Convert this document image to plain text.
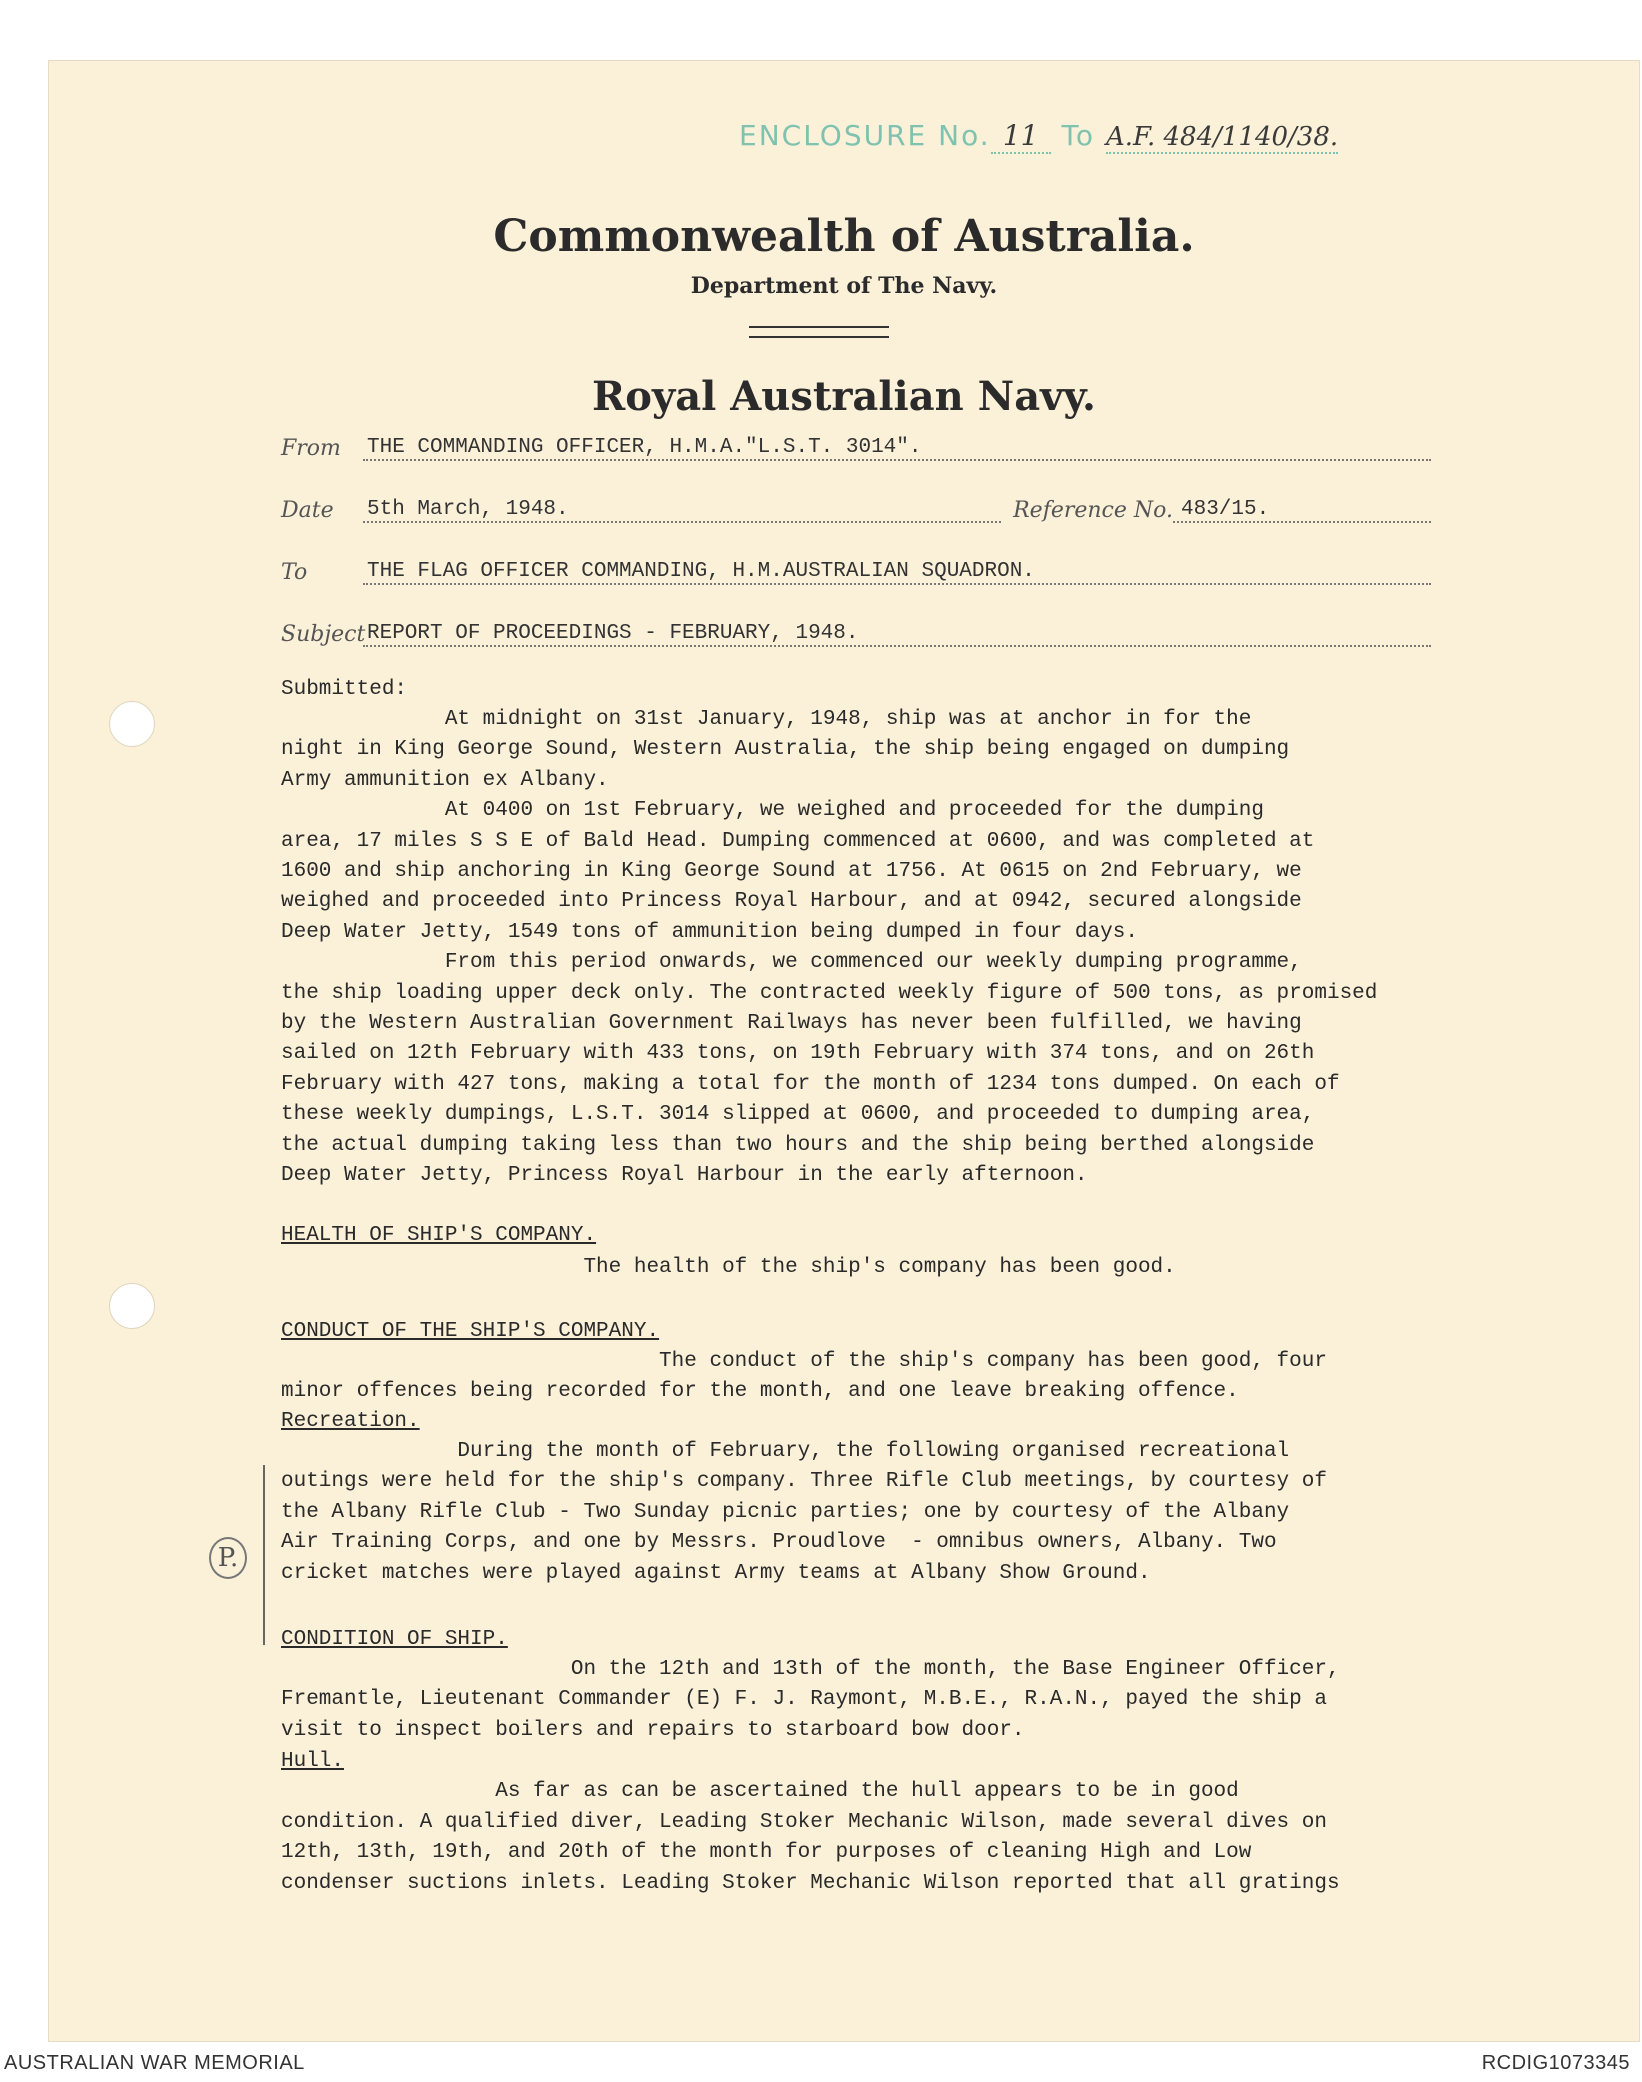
ENCLOSURE No. 11 To A.F. 484/1140/38.
Commonwealth of Australia.
Department of The Navy.
Royal Australian Navy.
From	THE COMMANDING OFFICER, H.M.A."L.S.T. 3014".
Date	5th March, 1948.	Reference No. 483/15.
To	THE FLAG OFFICER COMMANDING, H.M.AUSTRALIAN SQUADRON.
Subject REPORT OF PROCEEDINGS - FEBRUARY, 1948.
Submitted:
At midnight on 31st January, 1948, ship was at anchor in for the
night in King George Sound, Western Australia, the ship being engaged on dumping
Army ammunition ex Albany.
At 0400 on 1st February, we weighed and proceeded for the dumping
area, 17 miles S S E of Bald Head. Dumping commenced at 0600, and was completed at
1600 and ship anchoring in King George Sound at 1756. At 0615 on 2nd February, we
weighed and proceeded into Princess Royal Harbour, and at 0942, secured alongside
Deep Water Jetty, 1549 tons of ammunition being dumped in four days.
From this period onwards, we commenced our weekly dumping programme,
the ship loading upper deck only. The contracted weekly figure of 500 tons, as promised
by the Western Australian Government Railways has never been fulfilled, we having
sailed on 12th February with 433 tons, on 19th February with 374 tons, and on 26th
February with 427 tons, making a total for the month of 1234 tons dumped. On each of
these weekly dumpings, L.S.T. 3014 slipped at 0600, and proceeded to dumping area,
the actual dumping taking less than two hours and the ship being berthed alongside
Deep Water Jetty, Princess Royal Harbour in the early afternoon.
HEALTH OF SHIP'S COMPANY.
The health of the ship's company has been good.
CONDUCT OF THE SHIP'S COMPANY.
The conduct of the ship's company has been good, four
minor offences being recorded for the month, and one leave breaking offence.
Recreation.
During the month of February, the following organised recreational
outings were held for the ship's company. Three Rifle Club meetings, by courtesy of
the Albany Rifle Club - Two Sunday picnic parties; one by courtesy of the Albany
Air Training Corps, and one by Messrs. Proudlove  - omnibus owners, Albany. Two
cricket matches were played against Army teams at Albany Show Ground.
P.
CONDITION OF SHIP.
On the 12th and 13th of the month, the Base Engineer Officer,
Fremantle, Lieutenant Commander (E) F. J. Raymont, M.B.E., R.A.N., payed the ship a
visit to inspect boilers and repairs to starboard bow door.
Hull.

As far as can be ascertained the hull appears to be in good
condition. A qualified diver, Leading Stoker Mechanic Wilson, made several dives on
12th, 13th, 19th, and 20th of the month for purposes of cleaning High and Low
condenser suctions inlets. Leading Stoker Mechanic Wilson reported that all gratings
AUSTRALIAN WAR MEMORIAL	RCDIG1073345
